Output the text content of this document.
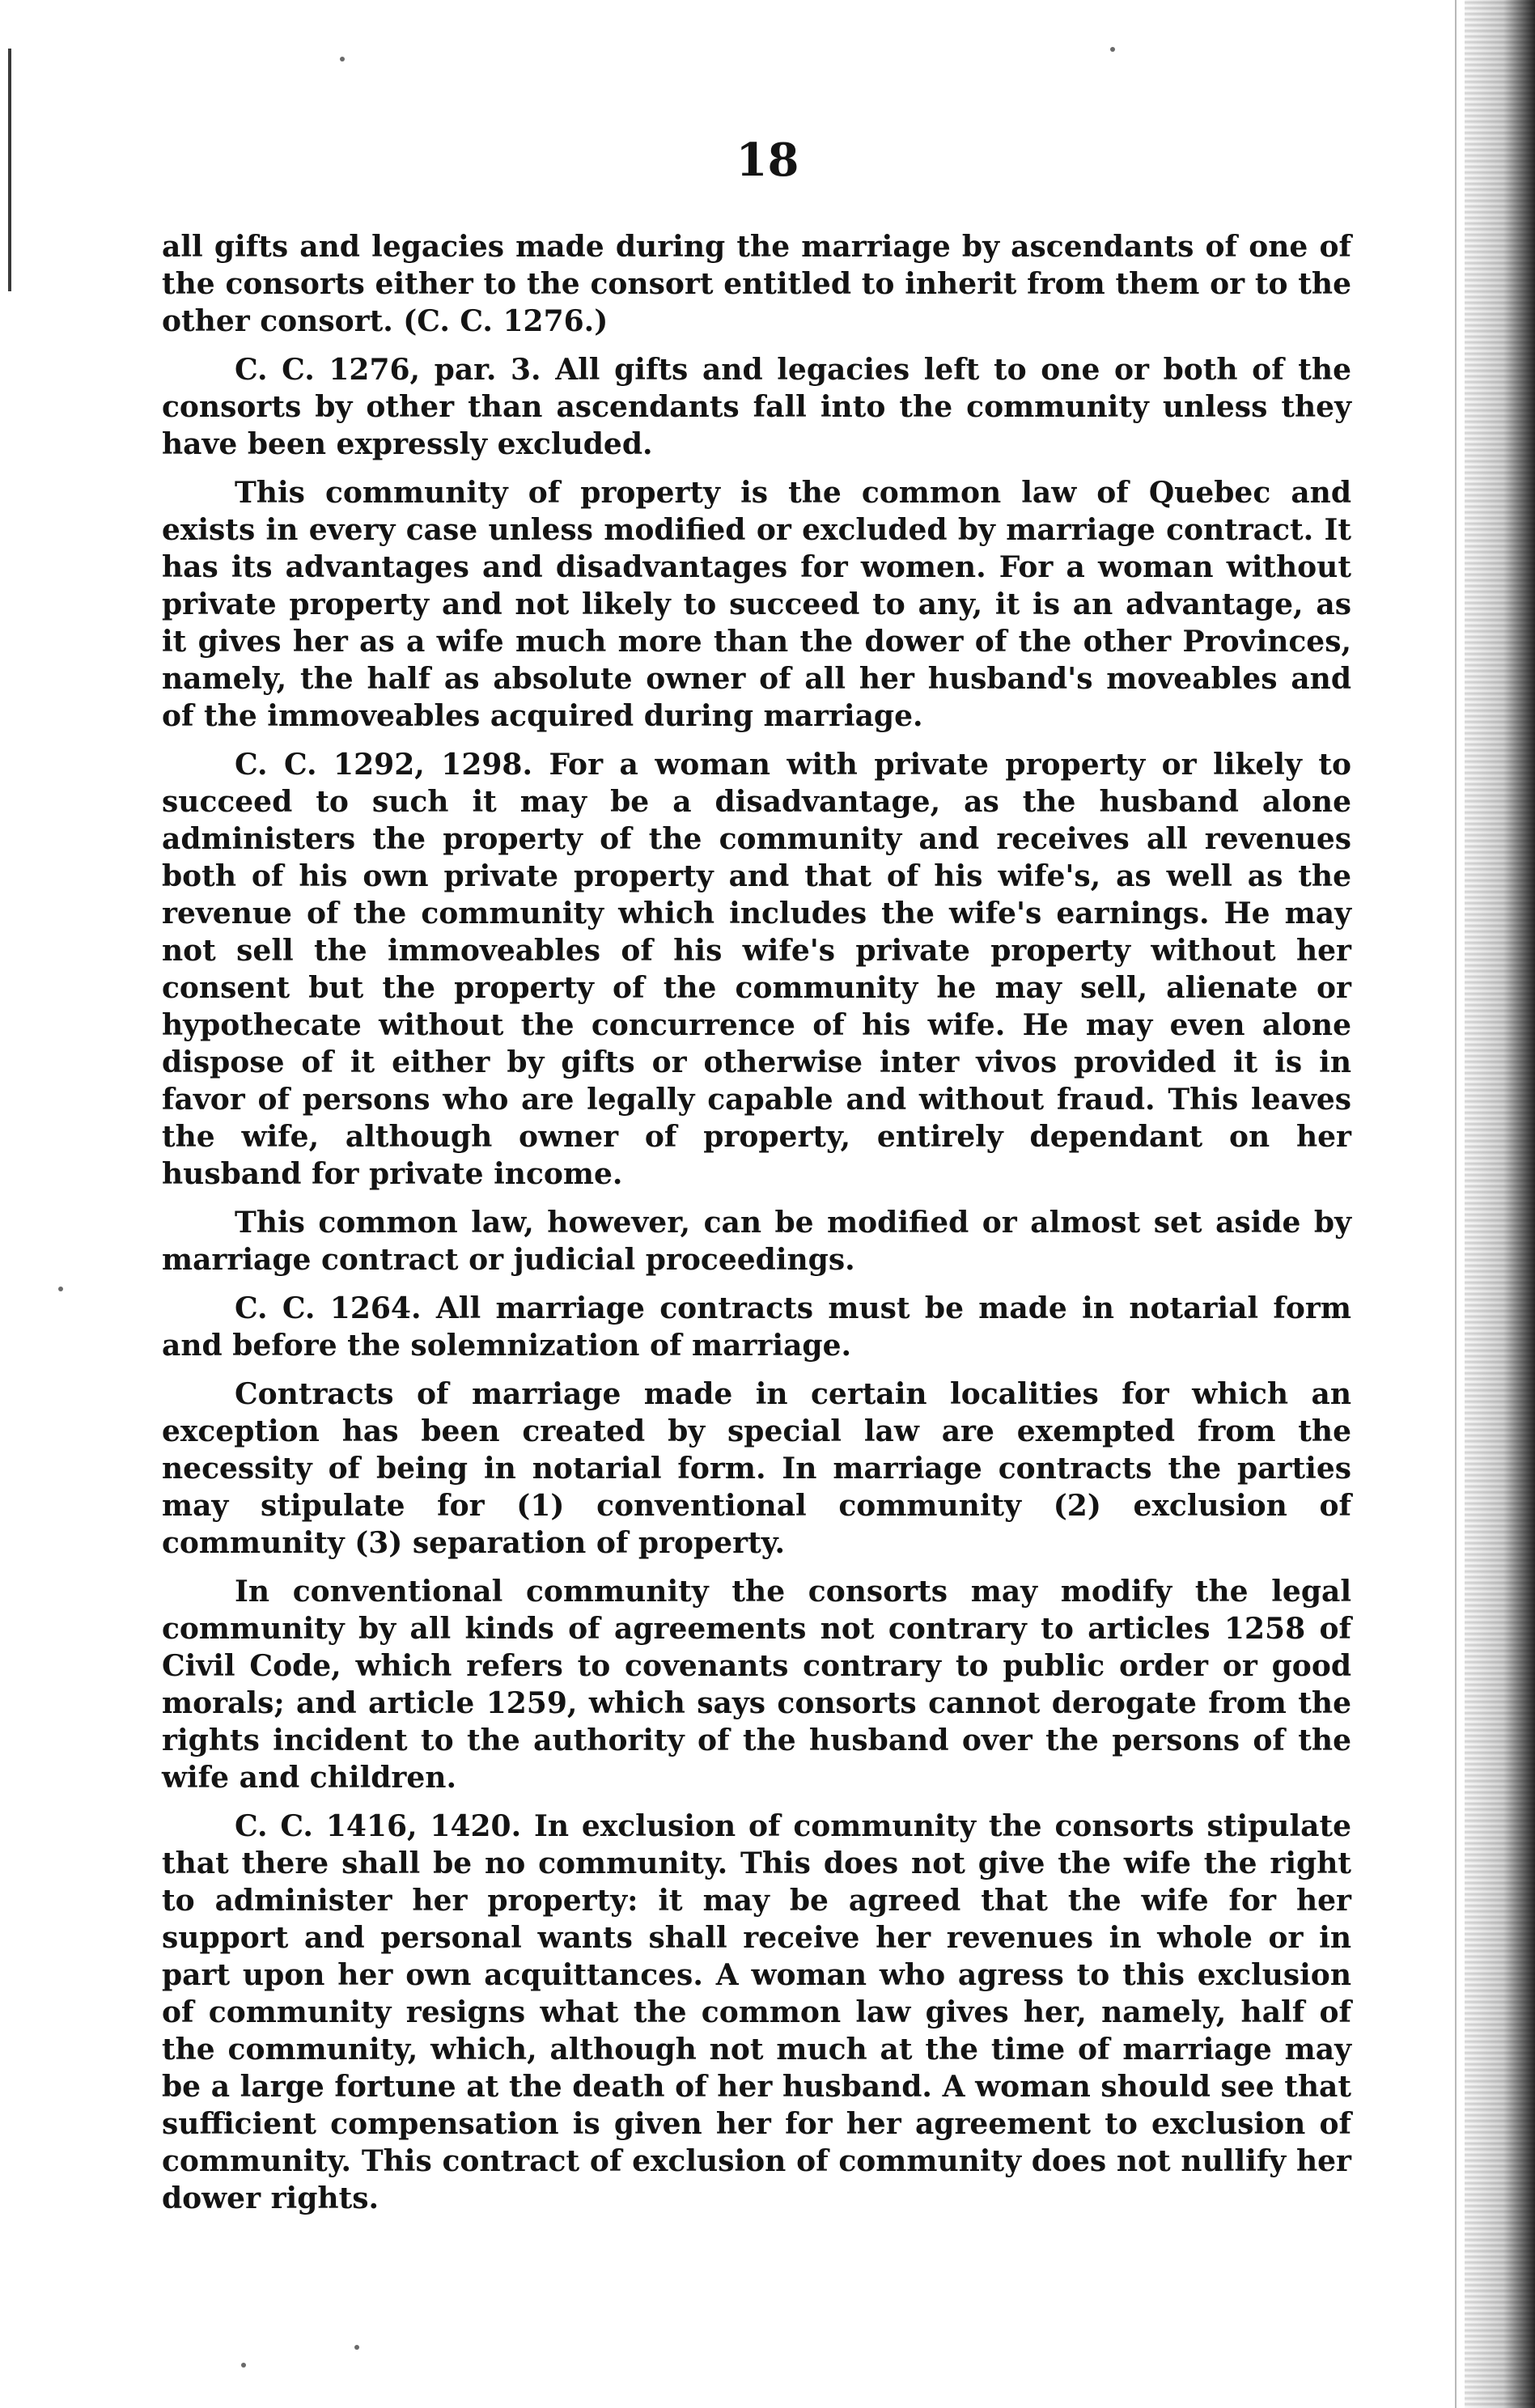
18

all gifts and legacies made during the marriage by ascendants of one of the consorts either to the consort entitled to inherit from them or to the other consort. (C. C. 1276.)

C. C. 1276, par. 3. All gifts and legacies left to one or both of the consorts by other than ascendants fall into the community unless they have been expressly excluded.

This community of property is the common law of Quebec and exists in every case unless modified or excluded by marriage contract. It has its advantages and disadvantages for women. For a woman without private property and not likely to succeed to any, it is an advantage, as it gives her as a wife much more than the dower of the other Provinces, namely, the half as absolute owner of all her husband's moveables and of the immoveables acquired during marriage.

C. C. 1292, 1298. For a woman with private property or likely to succeed to such it may be a disadvantage, as the husband alone administers the property of the community and receives all revenues both of his own private property and that of his wife's, as well as the revenue of the community which includes the wife's earnings. He may not sell the immoveables of his wife's private property without her consent but the property of the community he may sell, alienate or hypothecate without the concurrence of his wife. He may even alone dispose of it either by gifts or otherwise inter vivos provided it is in favor of persons who are legally capable and without fraud. This leaves the wife, although owner of property, entirely dependant on her husband for private income.

This common law, however, can be modified or almost set aside by marriage contract or judicial proceedings.

C. C. 1264. All marriage contracts must be made in notarial form and before the solemnization of marriage.

Contracts of marriage made in certain localities for which an exception has been created by special law are exempted from the necessity of being in notarial form. In marriage contracts the parties may stipulate for (1) conventional community (2) exclusion of community (3) separation of property.

In conventional community the consorts may modify the legal community by all kinds of agreements not contrary to articles 1258 of Civil Code, which refers to covenants contrary to public order or good morals; and article 1259, which says consorts cannot derogate from the rights incident to the authority of the husband over the persons of the wife and children.

C. C. 1416, 1420. In exclusion of community the consorts stipulate that there shall be no community. This does not give the wife the right to administer her property: it may be agreed that the wife for her support and personal wants shall receive her revenues in whole or in part upon her own acquittances. A woman who agress to this exclusion of community resigns what the common law gives her, namely, half of the community, which, although not much at the time of marriage may be a large fortune at the death of her husband. A woman should see that sufficient compensation is given her for her agreement to exclusion of community. This contract of exclusion of community does not nullify her dower rights.
